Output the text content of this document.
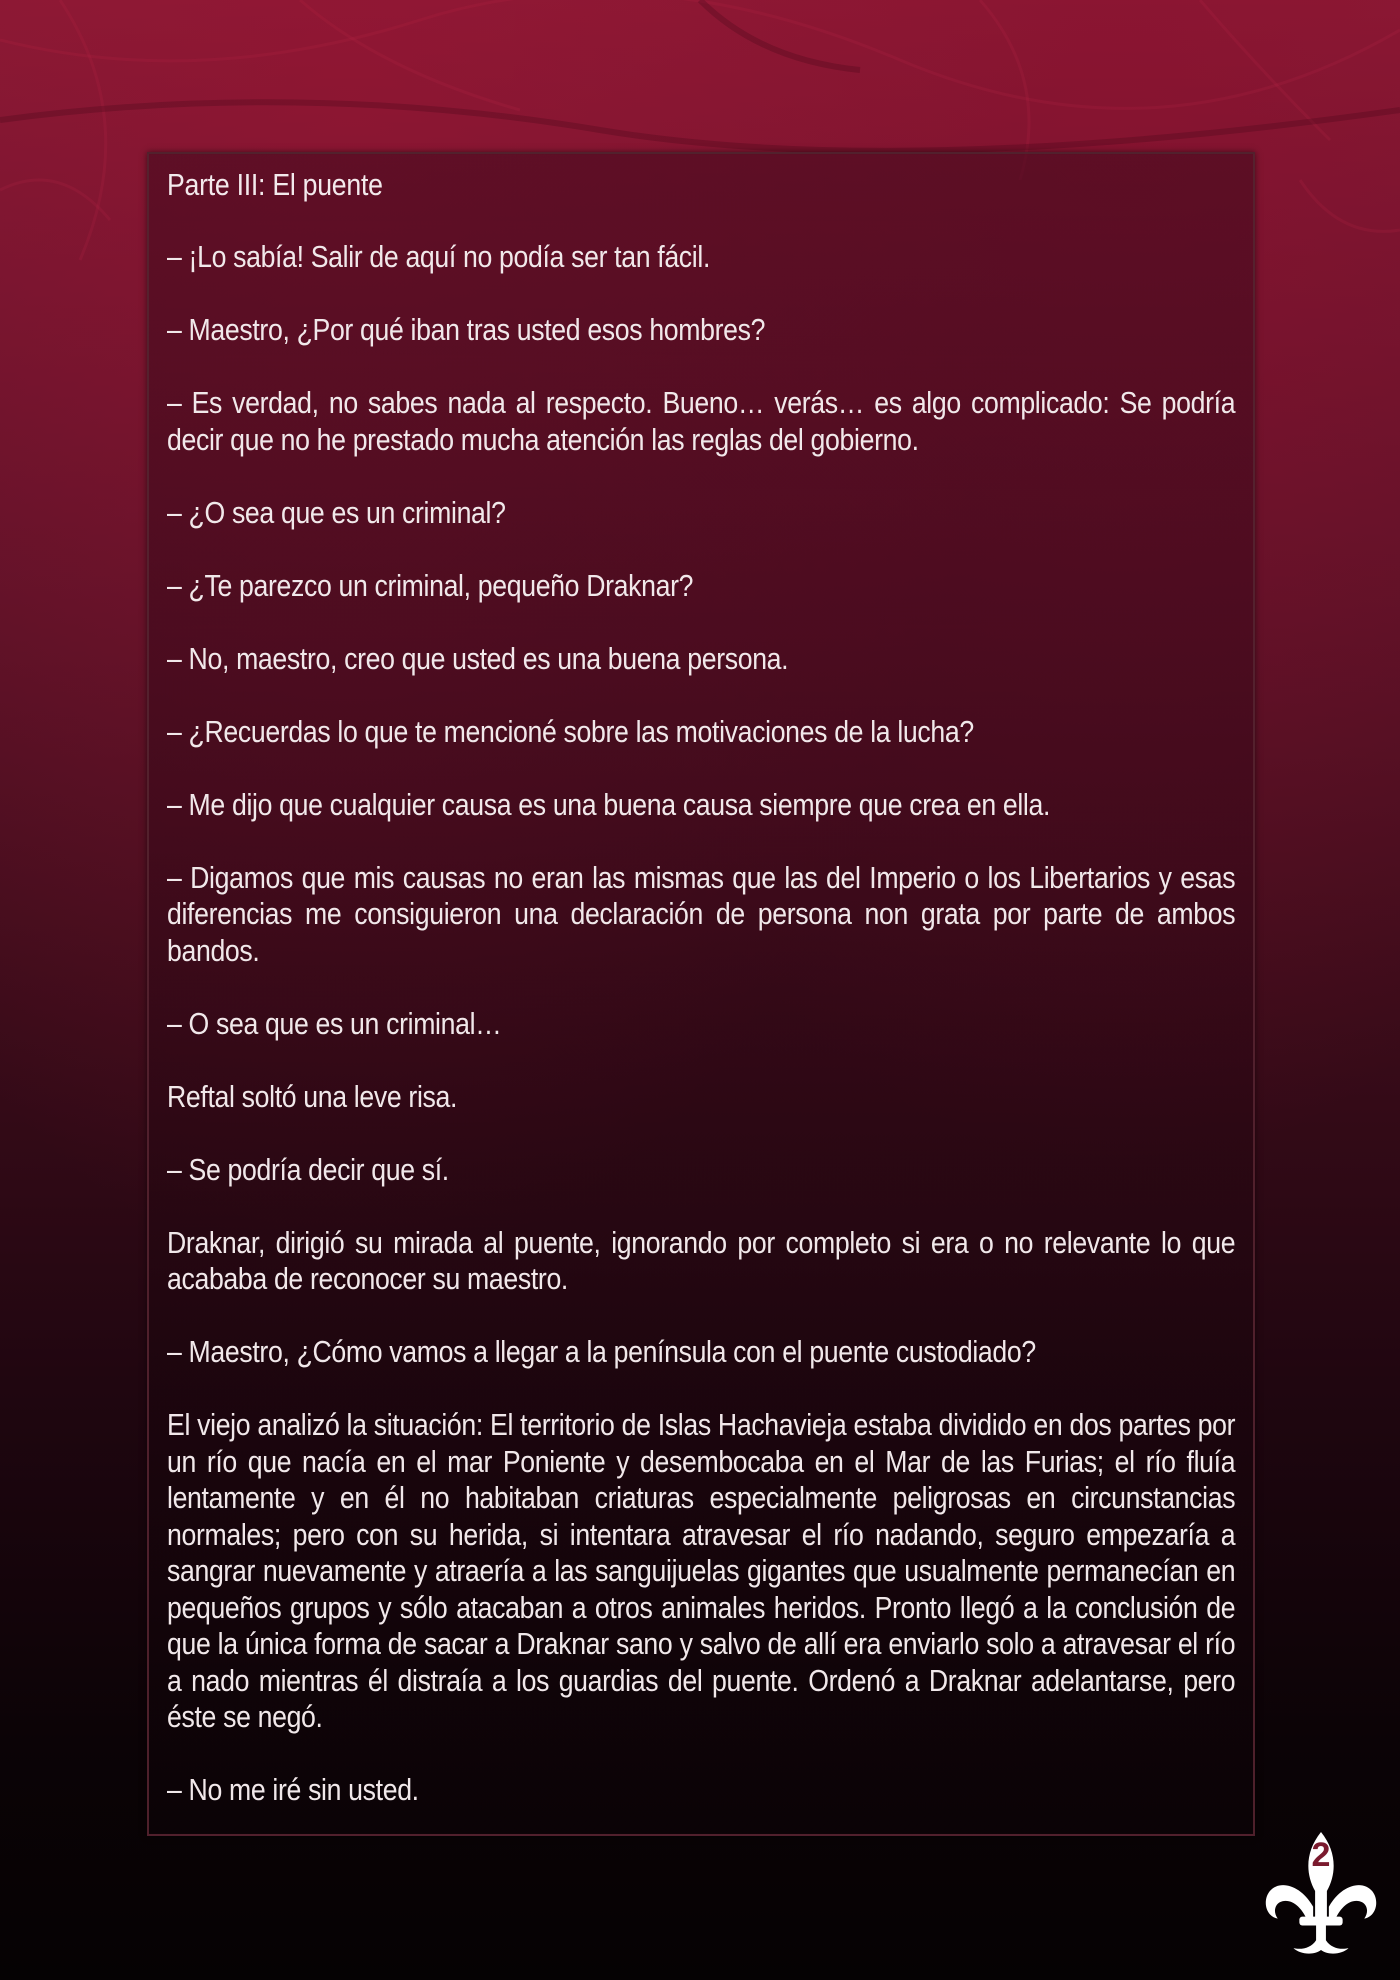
Parte III: El puente

– ¡Lo sabía! Salir de aquí no podía ser tan fácil.

– Maestro, ¿Por qué iban tras usted esos hombres?

– Es verdad, no sabes nada al respecto. Bueno… verás… es algo complicado: Se podría decir que no he prestado mucha atención las reglas del gobierno.

– ¿O sea que es un criminal?

– ¿Te parezco un criminal, pequeño Draknar?

– No, maestro, creo que usted es una buena persona.

– ¿Recuerdas lo que te mencioné sobre las motivaciones de la lucha?

– Me dijo que cualquier causa es una buena causa siempre que crea en ella.

– Digamos que mis causas no eran las mismas que las del Imperio o los Libertarios y esas diferencias me consiguieron una declaración de persona non grata por parte de ambos bandos.

– O sea que es un criminal…

Reftal soltó una leve risa.

– Se podría decir que sí.

Draknar, dirigió su mirada al puente, ignorando por completo si era o no relevante lo que acababa de reconocer su maestro.

– Maestro, ¿Cómo vamos a llegar a la península con el puente custodiado?

El viejo analizó la situación: El territorio de Islas Hachavieja estaba dividido en dos partes por un río que nacía en el mar Poniente y desembocaba en el Mar de las Furias; el río fluía lentamente y en él no habitaban criaturas especialmente peligrosas en circunstancias normales; pero con su herida, si intentara atravesar el río nadando, seguro empezaría a sangrar nuevamente y atraería a las sanguijuelas gigantes que usualmente permanecían en pequeños grupos y sólo atacaban a otros animales heridos. Pronto llegó a la conclusión de que la única forma de sacar a Draknar sano y salvo de allí era enviarlo solo a atravesar el río a nado mientras él distraía a los guardias del puente. Ordenó a Draknar adelantarse, pero éste se negó.

– No me iré sin usted.

2
